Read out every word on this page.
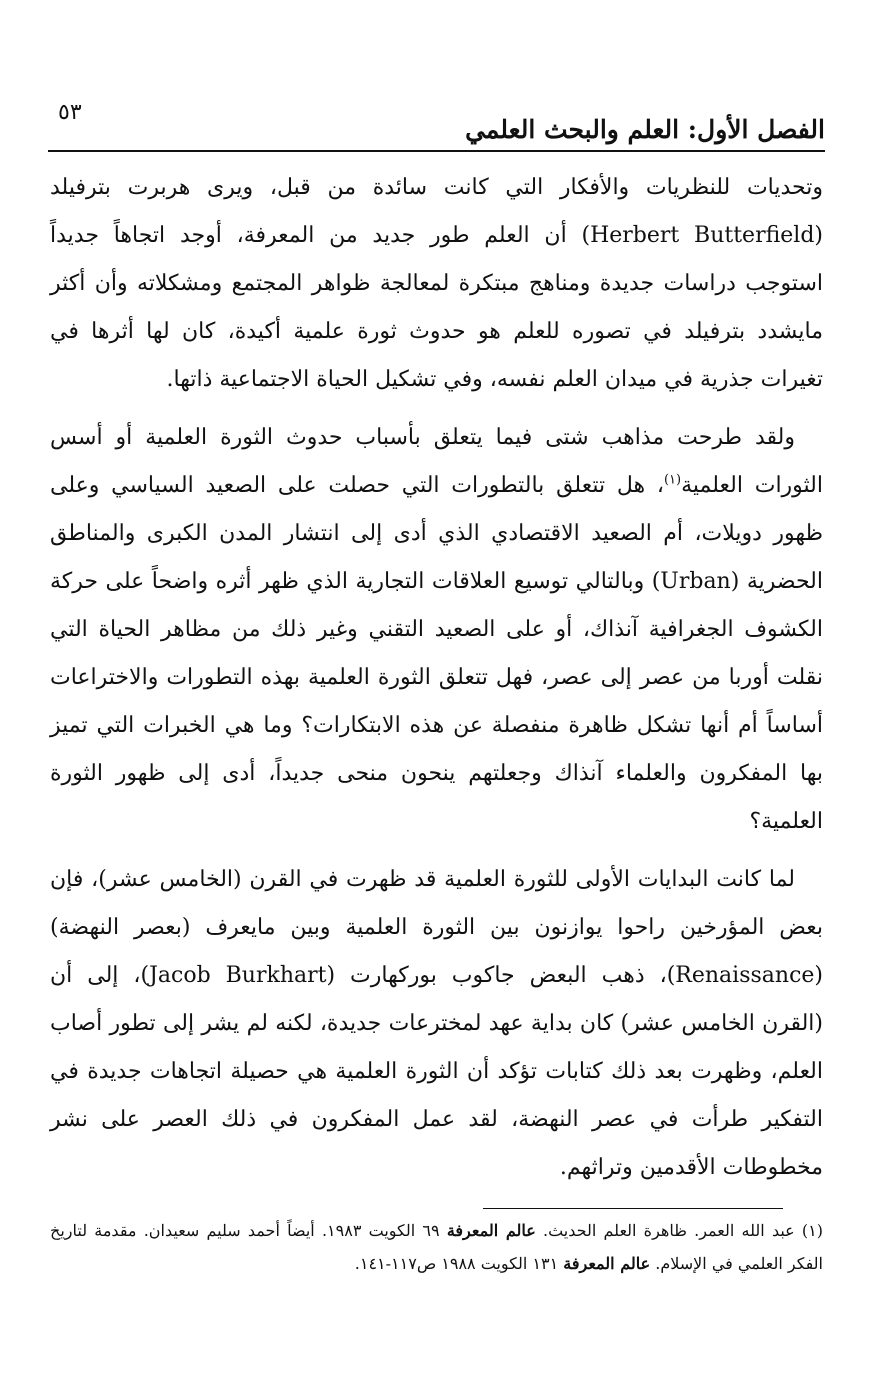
الفصل الأول: العلم والبحث العلمي
٥٣

وتحديات للنظريات والأفكار التي كانت سائدة من قبل، ويرى هربرت بترفيلد (Herbert Butterfield) أن العلم طور جديد من المعرفة، أوجد اتجاهاً جديداً استوجب دراسات جديدة ومناهج مبتكرة لمعالجة ظواهر المجتمع ومشكلاته وأن أكثر مايشدد بترفيلد في تصوره للعلم هو حدوث ثورة علمية أكيدة، كان لها أثرها في تغيرات جذرية في ميدان العلم نفسه، وفي تشكيل الحياة الاجتماعية ذاتها.

ولقد طرحت مذاهب شتى فيما يتعلق بأسباب حدوث الثورة العلمية أو أسس الثورات العلمية$^{(١)}$، هل تتعلق بالتطورات التي حصلت على الصعيد السياسي وعلى ظهور دويلات، أم الصعيد الاقتصادي الذي أدى إلى انتشار المدن الكبرى والمناطق الحضرية (Urban) وبالتالي توسيع العلاقات التجارية الذي ظهر أثره واضحاً على حركة الكشوف الجغرافية آنذاك، أو على الصعيد التقني وغير ذلك من مظاهر الحياة التي نقلت أوربا من عصر إلى عصر، فهل تتعلق الثورة العلمية بهذه التطورات والاختراعات أساساً أم أنها تشكل ظاهرة منفصلة عن هذه الابتكارات؟ وما هي الخبرات التي تميز بها المفكرون والعلماء آنذاك وجعلتهم ينحون منحى جديداً، أدى إلى ظهور الثورة العلمية؟

لما كانت البدايات الأولى للثورة العلمية قد ظهرت في القرن (الخامس عشر)، فإن بعض المؤرخين راحوا يوازنون بين الثورة العلمية وبين مايعرف (بعصر النهضة) (Renaissance)، ذهب البعض جاكوب بوركهارت (Jacob Burkhart)، إلى أن (القرن الخامس عشر) كان بداية عهد لمخترعات جديدة، لكنه لم يشر إلى تطور أصاب العلم، وظهرت بعد ذلك كتابات تؤكد أن الثورة العلمية هي حصيلة اتجاهات جديدة في التفكير طرأت في عصر النهضة، لقد عمل المفكرون في ذلك العصر على نشر مخطوطات الأقدمين وتراثهم.

(١) عبد الله العمر. ظاهرة العلم الحديث. عالم المعرفة ٦٩ الكويت ١٩٨٣. أيضاً أحمد سليم سعيدان. مقدمة لتاريخ الفكر العلمي في الإسلام. عالم المعرفة ١٣١ الكويت ١٩٨٨ ص١١٧-١٤١.
